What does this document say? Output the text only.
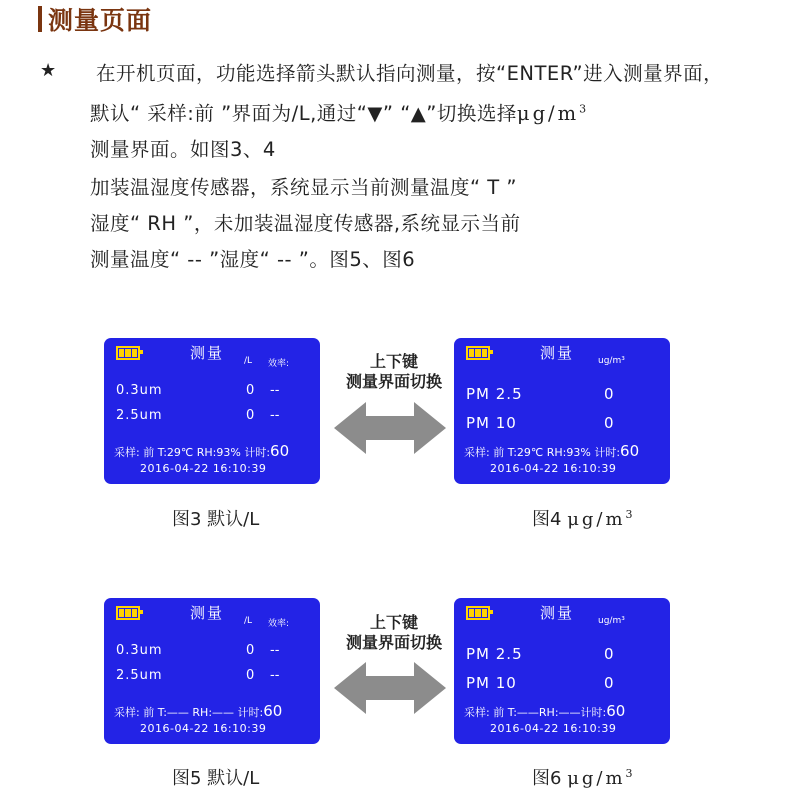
测量页面
★ 在开机页面，功能选择箭头默认指向测量，按“ENTER”进入测量界面，
默认“ 采样:前 ”界面为/L,通过“▼” “▲”切换选择$\mu g/m^3$
测量界面。如图3、4
加装温湿度传感器，系统显示当前测量温度“ T ”
湿度“ RH ”，未加装温湿度传感器,系统显示当前
测量温度“ -- ”湿度“ -- ”。图5、图6
测量 /L 效率:
0.3um	0 --
2.5um	0 --
采样: 前 T:29℃ RH:93% 计时:60
2016-04-22 16:10:39
测量	ug/m³
PM 2.5	0
PM 10	0
采样: 前 T:29℃ RH:93% 计时:60
2016-04-22 16:10:39
上下键
测量界面切换
图3 默认/L	图4 $\mu g/m^3$
测量 /L 效率:
0.3um	0 --
2.5um	0 --
采样: 前 T:—— RH:—— 计时:60
2016-04-22 16:10:39
测量	ug/m³
PM 2.5	0
PM 10	0
采样: 前 T:——RH:——计时:60
2016-04-22 16:10:39
上下键
测量界面切换
图5 默认/L	图6 $\mu g/m^3$
